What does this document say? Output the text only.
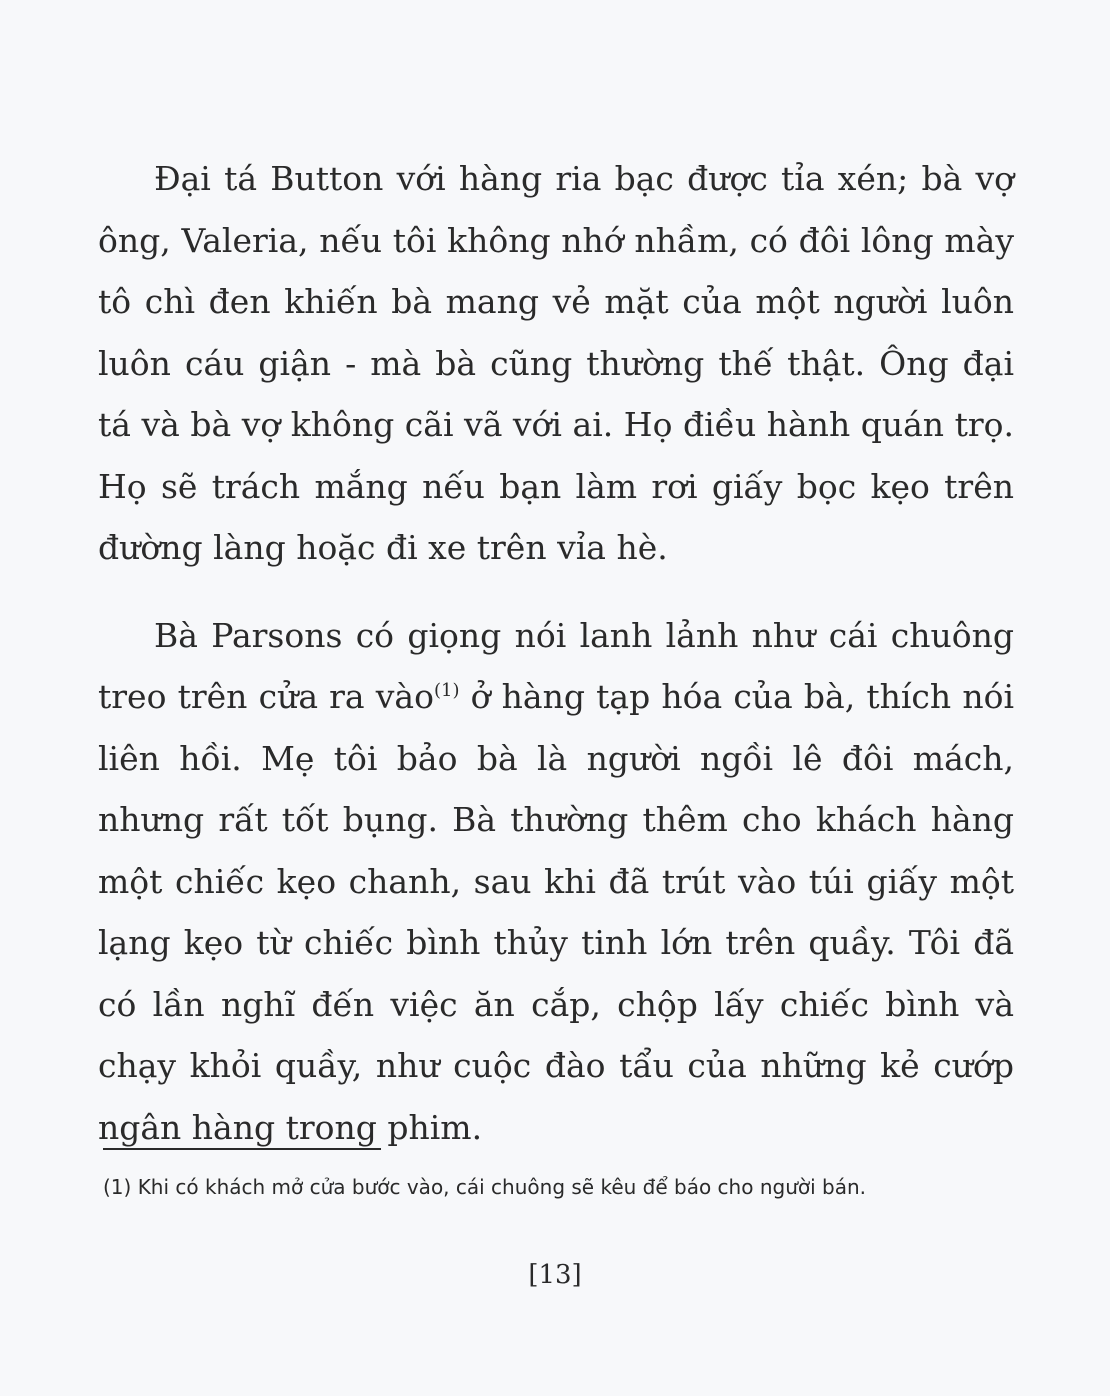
Đại tá Button với hàng ria bạc được tỉa xén; bà vợ ông, Valeria, nếu tôi không nhớ nhầm, có đôi lông mày tô chì đen khiến bà mang vẻ mặt của một người luôn luôn cáu giận - mà bà cũng thường thế thật. Ông đại tá và bà vợ không cãi vã với ai. Họ điều hành quán trọ. Họ sẽ trách mắng nếu bạn làm rơi giấy bọc kẹo trên đường làng hoặc đi xe trên vỉa hè.

Bà Parsons có giọng nói lanh lảnh như cái chuông treo trên cửa ra vào$^{(1)}$ ở hàng tạp hóa của bà, thích nói liên hồi. Mẹ tôi bảo bà là người ngồi lê đôi mách, nhưng rất tốt bụng. Bà thường thêm cho khách hàng một chiếc kẹo chanh, sau khi đã trút vào túi giấy một lạng kẹo từ chiếc bình thủy tinh lớn trên quầy. Tôi đã có lần nghĩ đến việc ăn cắp, chộp lấy chiếc bình và chạy khỏi quầy, như cuộc đào tẩu của những kẻ cướp ngân hàng trong phim.

(1) Khi có khách mở cửa bước vào, cái chuông sẽ kêu để báo cho người bán.
[13]
